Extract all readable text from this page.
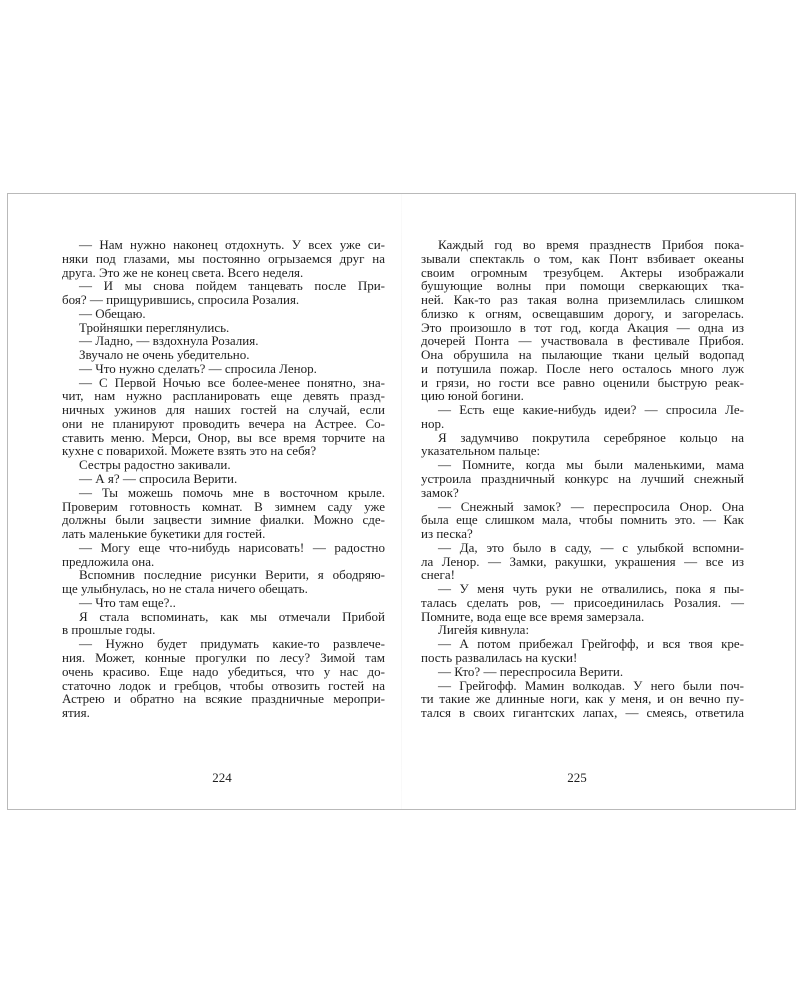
— Нам нужно наконец отдохнуть. У всех уже си-
няки под глазами, мы постоянно огрызаемся друг на
друга. Это же не конец света. Всего неделя.
— И мы снова пойдем танцевать после При-
боя? — прищурившись, спросила Розалия.
— Обещаю.
Тройняшки переглянулись.
— Ладно, — вздохнула Розалия.
Звучало не очень убедительно.
— Что нужно сделать? — спросила Ленор.
— С Первой Ночью все более-менее понятно, зна-
чит, нам нужно распланировать еще девять празд-
ничных ужинов для наших гостей на случай, если
они не планируют проводить вечера на Астрее. Со-
ставить меню. Мерси, Онор, вы все время торчите на
кухне с поварихой. Можете взять это на себя?
Сестры радостно закивали.
— А я? — спросила Верити.
— Ты можешь помочь мне в восточном крыле.
Проверим готовность комнат. В зимнем саду уже
должны были зацвести зимние фиалки. Можно сде-
лать маленькие букетики для гостей.
— Могу еще что-нибудь нарисовать! — радостно
предложила она.
Вспомнив последние рисунки Верити, я ободряю-
ще улыбнулась, но не стала ничего обещать.
— Что там еще?..
Я стала вспоминать, как мы отмечали Прибой
в прошлые годы.
— Нужно будет придумать какие-то развлече-
ния. Может, конные прогулки по лесу? Зимой там
очень красиво. Еще надо убедиться, что у нас до-
статочно лодок и гребцов, чтобы отвозить гостей на
Астрею и обратно на всякие праздничные меропри-
ятия.
Каждый год во время празднеств Прибоя пока-
зывали спектакль о том, как Понт взбивает океаны
своим огромным трезубцем. Актеры изображали
бушующие волны при помощи сверкающих тка-
ней. Как-то раз такая волна приземлилась слишком
близко к огням, освещавшим дорогу, и загорелась.
Это произошло в тот год, когда Акация — одна из
дочерей Понта — участвовала в фестивале Прибоя.
Она обрушила на пылающие ткани целый водопад
и потушила пожар. После него осталось много луж
и грязи, но гости все равно оценили быструю реак-
цию юной богини.
— Есть еще какие-нибудь идеи? — спросила Ле-
нор.
Я задумчиво покрутила серебряное кольцо на
указательном пальце:
— Помните, когда мы были маленькими, мама
устроила праздничный конкурс на лучший снежный
замок?
— Снежный замок? — переспросила Онор. Она
была еще слишком мала, чтобы помнить это. — Как
из песка?
— Да, это было в саду, — с улыбкой вспомни-
ла Ленор. — Замки, ракушки, украшения — все из
снега!
— У меня чуть руки не отвалились, пока я пы-
талась сделать ров, — присоединилась Розалия. —
Помните, вода еще все время замерзала.
Лигейя кивнула:
— А потом прибежал Грейгофф, и вся твоя кре-
пость развалилась на куски!
— Кто? — переспросила Верити.
— Грейгофф. Мамин волкодав. У него были поч-
ти такие же длинные ноги, как у меня, и он вечно пу-
тался в своих гигантских лапах, — смеясь, ответила
224	225
